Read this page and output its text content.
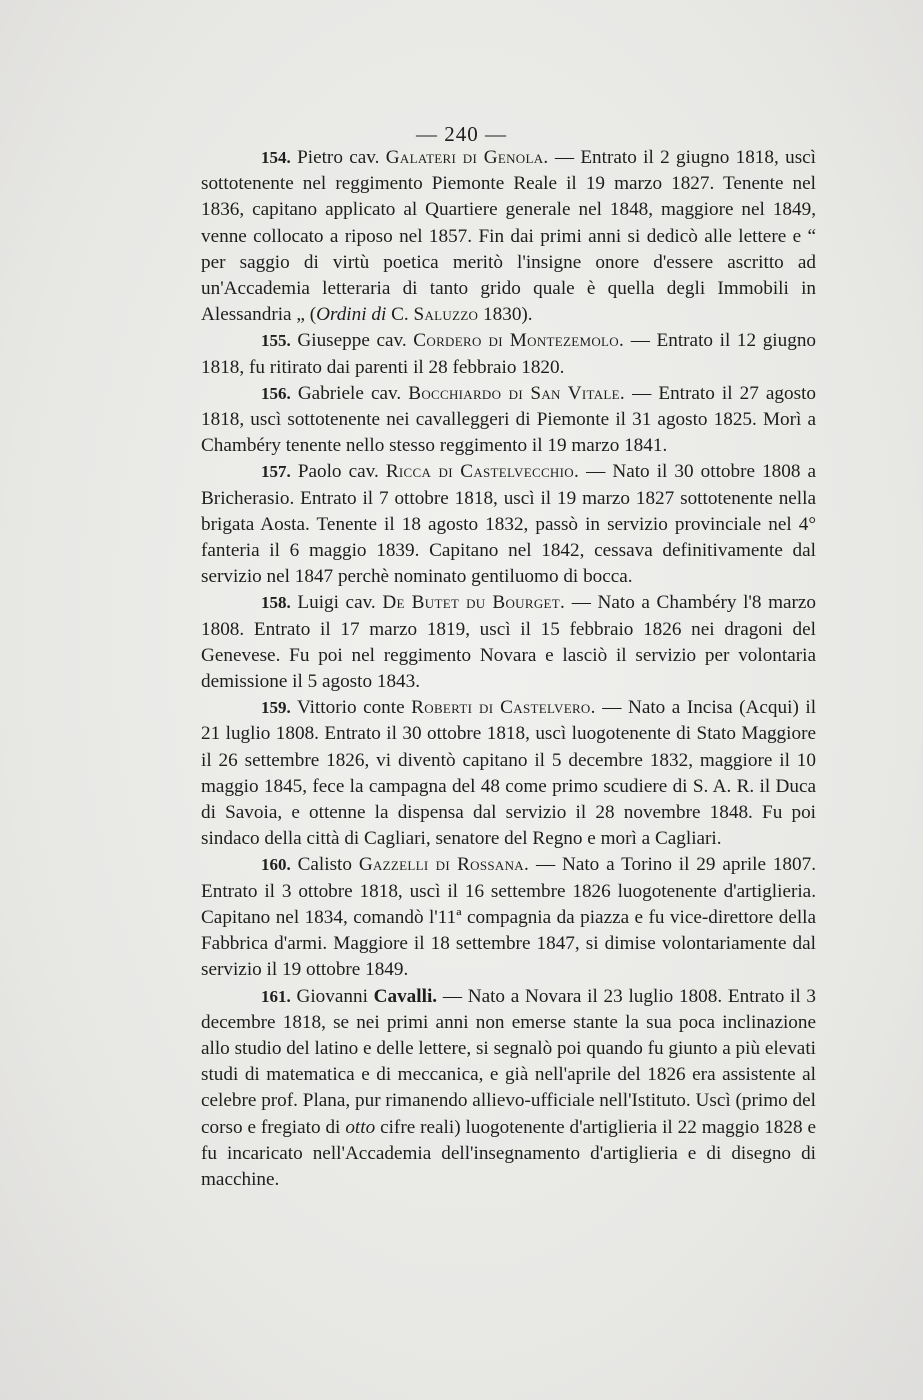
— 240 —

154. Pietro cav. Galateri di Genola. — Entrato il 2 giugno 1818, uscì sottotenente nel reggimento Piemonte Reale il 19 marzo 1827. Tenente nel 1836, capitano applicato al Quartiere generale nel 1848, maggiore nel 1849, venne collocato a riposo nel 1857. Fin dai primi anni si dedicò alle lettere e “ per saggio di virtù poetica meritò l'insigne onore d'essere ascritto ad un'Accademia letteraria di tanto grido quale è quella degli Immobili in Alessandria „ (Ordini di C. Saluzzo 1830).

155. Giuseppe cav. Cordero di Montezemolo. — Entrato il 12 giugno 1818, fu ritirato dai parenti il 28 febbraio 1820.

156. Gabriele cav. Bocchiardo di San Vitale. — Entrato il 27 agosto 1818, uscì sottotenente nei cavalleggeri di Piemonte il 31 agosto 1825. Morì a Chambéry tenente nello stesso reggimento il 19 marzo 1841.

157. Paolo cav. Ricca di Castelvecchio. — Nato il 30 ottobre 1808 a Bricherasio. Entrato il 7 ottobre 1818, uscì il 19 marzo 1827 sottotenente nella brigata Aosta. Tenente il 18 agosto 1832, passò in servizio provinciale nel 4° fanteria il 6 maggio 1839. Capitano nel 1842, cessava definitivamente dal servizio nel 1847 perchè nominato gentiluomo di bocca.

158. Luigi cav. De Butet du Bourget. — Nato a Chambéry l'8 marzo 1808. Entrato il 17 marzo 1819, uscì il 15 febbraio 1826 nei dragoni del Genevese. Fu poi nel reggimento Novara e lasciò il servizio per volontaria demissione il 5 agosto 1843.

159. Vittorio conte Roberti di Castelvero. — Nato a Incisa (Acqui) il 21 luglio 1808. Entrato il 30 ottobre 1818, uscì luogotenente di Stato Maggiore il 26 settembre 1826, vi diventò capitano il 5 decembre 1832, maggiore il 10 maggio 1845, fece la campagna del 48 come primo scudiere di S. A. R. il Duca di Savoia, e ottenne la dispensa dal servizio il 28 novembre 1848. Fu poi sindaco della città di Cagliari, senatore del Regno e morì a Cagliari.

160. Calisto Gazzelli di Rossana. — Nato a Torino il 29 aprile 1807. Entrato il 3 ottobre 1818, uscì il 16 settembre 1826 luogotenente d'artiglieria. Capitano nel 1834, comandò l'11ª compagnia da piazza e fu vice-direttore della Fabbrica d'armi. Maggiore il 18 settembre 1847, si dimise volontariamente dal servizio il 19 ottobre 1849.

161. Giovanni Cavalli. — Nato a Novara il 23 luglio 1808. Entrato il 3 decembre 1818, se nei primi anni non emerse stante la sua poca inclinazione allo studio del latino e delle lettere, si segnalò poi quando fu giunto a più elevati studi di matematica e di meccanica, e già nell'aprile del 1826 era assistente al celebre prof. Plana, pur rimanendo allievo-ufficiale nell'Istituto. Uscì (primo del corso e fregiato di otto cifre reali) luogotenente d'artiglieria il 22 maggio 1828 e fu incaricato nell'Accademia dell'insegnamento d'artiglieria e di disegno di macchine.
